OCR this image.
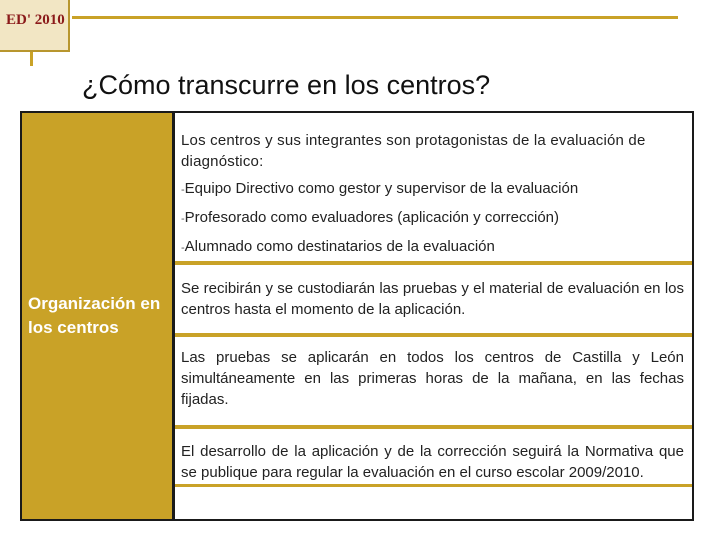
ED' 2010
¿Cómo transcurre en los centros?
Organización en los centros
Los centros y sus integrantes son protagonistas de la evaluación de diagnóstico:
-Equipo Directivo como gestor y supervisor de la evaluación
-Profesorado como evaluadores (aplicación y corrección)
-Alumnado como destinatarios de la evaluación
Se recibirán y se custodiarán las pruebas y el material de evaluación en los centros hasta el momento de la aplicación.
Las pruebas se aplicarán en todos los centros de Castilla y León simultáneamente en las primeras horas de la mañana, en las fechas fijadas.
El desarrollo de la aplicación y de la corrección seguirá la Normativa que se publique para regular la evaluación en el curso escolar 2009/2010.
